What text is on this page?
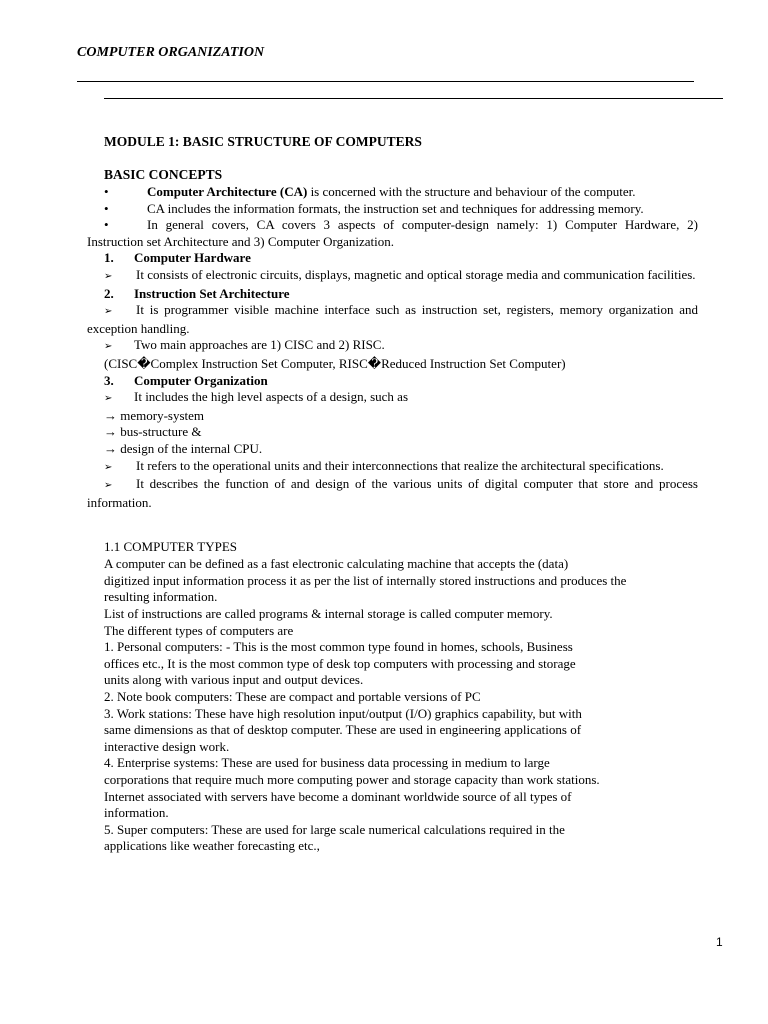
COMPUTER ORGANIZATION
MODULE 1: BASIC STRUCTURE OF COMPUTERS
BASIC CONCEPTS
•	Computer Architecture (CA) is concerned with the structure and behaviour of the computer.
•	CA includes the information formats, the instruction set and techniques for addressing memory.
•	In general covers, CA covers 3 aspects of computer-design namely: 1) Computer Hardware, 2) Instruction set Architecture and 3) Computer Organization.
1. Computer Hardware
➢ It consists of electronic circuits, displays, magnetic and optical storage media and communication facilities.
2. Instruction Set Architecture
➢ It is programmer visible machine interface such as instruction set, registers, memory organization and exception handling.
➢ Two main approaches are 1) CISC and 2) RISC.
(CISC�Complex Instruction Set Computer, RISC�Reduced Instruction Set Computer)
3. Computer Organization
➢ It includes the high level aspects of a design, such as
→ memory-system
→ bus-structure &
→ design of the internal CPU.
➢ It refers to the operational units and their interconnections that realize the architectural specifications.
➢ It describes the function of and design of the various units of digital computer that store and process information.
1.1 COMPUTER TYPES
A computer can be defined as a fast electronic calculating machine that accepts the (data)
digitized input information process it as per the list of internally stored instructions and produces the
resulting information.
List of instructions are called programs & internal storage is called computer memory.
The different types of computers are
1. Personal computers: - This is the most common type found in homes, schools, Business
offices etc., It is the most common type of desk top computers with processing and storage
units along with various input and output devices.
2. Note book computers: These are compact and portable versions of PC
3. Work stations: These have high resolution input/output (I/O) graphics capability, but with
same dimensions as that of desktop computer. These are used in engineering applications of
interactive design work.
4. Enterprise systems: These are used for business data processing in medium to large
corporations that require much more computing power and storage capacity than work stations.
Internet associated with servers have become a dominant worldwide source of all types of
information.
5. Super computers: These are used for large scale numerical calculations required in the
applications like weather forecasting etc.,
1
